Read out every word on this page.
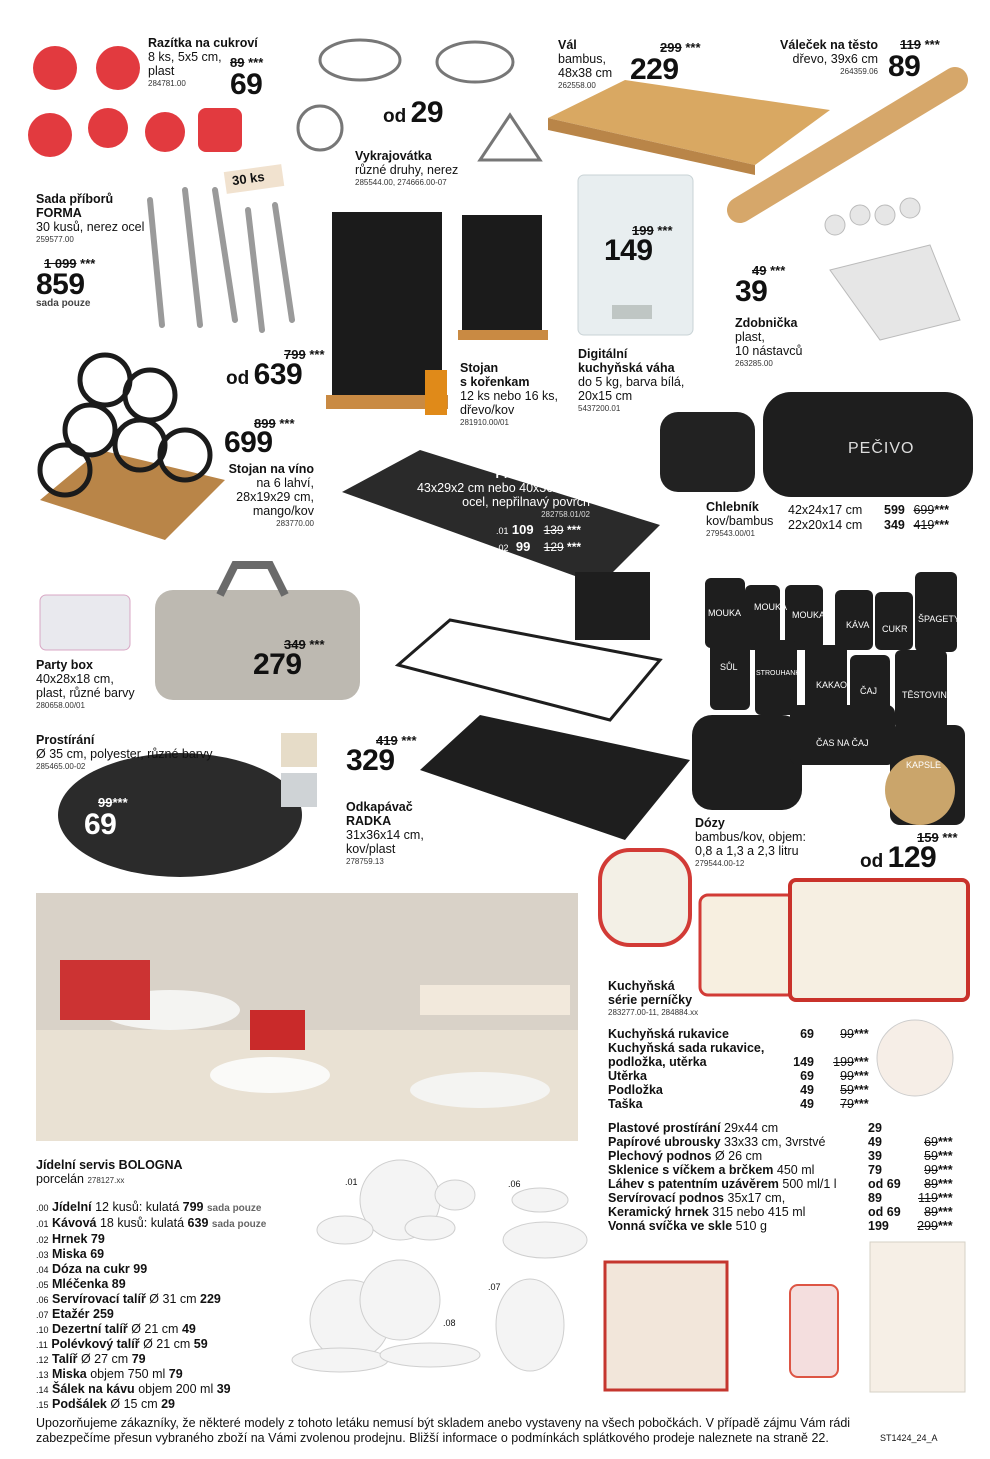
Razítka na cukroví
8 ks, 5x5 cm,
plast
284781.00
89 ***
69
od 29
Vykrajovátka
různé druhy, nerez
285544.00, 274666.00-07
Vál
bambus,
48x38 cm
262558.00
299 ***
229
Váleček na těsto
dřevo, 39x6 cm
264359.06
119 ***
89
30 ks
Sada příborů
FORMA
30 kusů, nerez ocel
259577.00
1 099 ***
859
sada pouze
199 ***
149
Digitální
kuchyňská váha
do 5 kg, barva bílá,
20x15 cm
5437200.01
49 ***
39
Zdobnička
plast,
10 nástavců
263285.00
799 ***
od 639	Stojan
s kořenkam
12 ks nebo 16 ks,
dřevo/kov
281910.00/01
899 ***
699
Stojan na víno
na 6 lahví,
28x19x29 cm,
mango/kov
283770.00
Plech na pečení
43x29x2 cm nebo 40x36x2 cm,
ocel, nepřilnavý povrch
282758.01/02
.01 109 139 ***
.02 99 129 ***
Chlebník
kov/bambus
279543.00/01
42x24x17 cm 599 699***
22x20x14 cm 349 419***
PEČIVO
349 ***
279
Party box
40x28x18 cm,
plast, různé barvy
280658.00/01
Prostírání
Ø 35 cm, polyester, různé barvy
285465.00-02
99***
69
419 ***
329
Odkapávač
RADKA
31x36x14 cm,
kov/plast
278759.13
MOUKA
MOUKA
MOUKA
KÁVA CUKR
ŠPAGETY
SŮL
STROUHANKA
KAKAO
ČAJ	TĚSTOVINY
ČAS NA ČAJ
KAPSLE
Dózy
bambus/kov, objem:
0,8 a 1,3 a 2,3 litru
279544.00-12
159 ***
od 129
Kuchyňská
série perníčky
283277.00-11, 284884.xx
Kuchyňská rukavice	69	99 ***
Kuchyňská sada rukavice,
podložka, utěrka	149	199 ***
Utěrka	69	99 ***
Podložka	49	59 ***
Taška	49	79 ***
Plastové prostírání 29x44 cm	29
Papírové ubrousky 33x33 cm, 3vrstvé	49	69 ***
Plechový podnos Ø 26 cm	39	59 ***
Sklenice s víčkem a brčkem 450 ml	79	99 ***
Láhev s patentním uzávěrem 500 ml/1 l	od 69	89 ***
Servírovací podnos 35x17 cm,	89	119 ***
Keramický hrnek 315 nebo 415 ml	od 69	89 ***
Vonná svíčka ve skle 510 g	199	299 ***
Jídelní servis BOLOGNA
porcelán 278127.xx
.00 Jídelní 12 kusů: kulatá 799 sada pouze
.01 Kávová 18 kusů: kulatá 639 sada pouze
.02 Hrnek 79
.03 Miska 69
.04 Dóza na cukr 99
.05 Mléčenka 89
.06 Servírovací talíř Ø 31 cm 229
.07 Etažér 259
.10 Dezertní talíř Ø 21 cm 49
.11 Polévkový talíř Ø 21 cm 59
.12 Talíř Ø 27 cm 79
.13 Miska objem 750 ml 79
.14 Šálek na kávu objem 200 ml 39
.15 Podšálek Ø 15 cm 29
.01	.06
.07
.08
Upozorňujeme zákazníky, že některé modely z tohoto letáku nemusí být skladem anebo vystaveny na všech pobočkách. V případě zájmu Vám rádi
zabezpečíme přesun vybraného zboží na Vámi zvolenou prodejnu. Bližší informace o podmínkách splátkového prodeje naleznete na straně 22.	ST1424_24_A
